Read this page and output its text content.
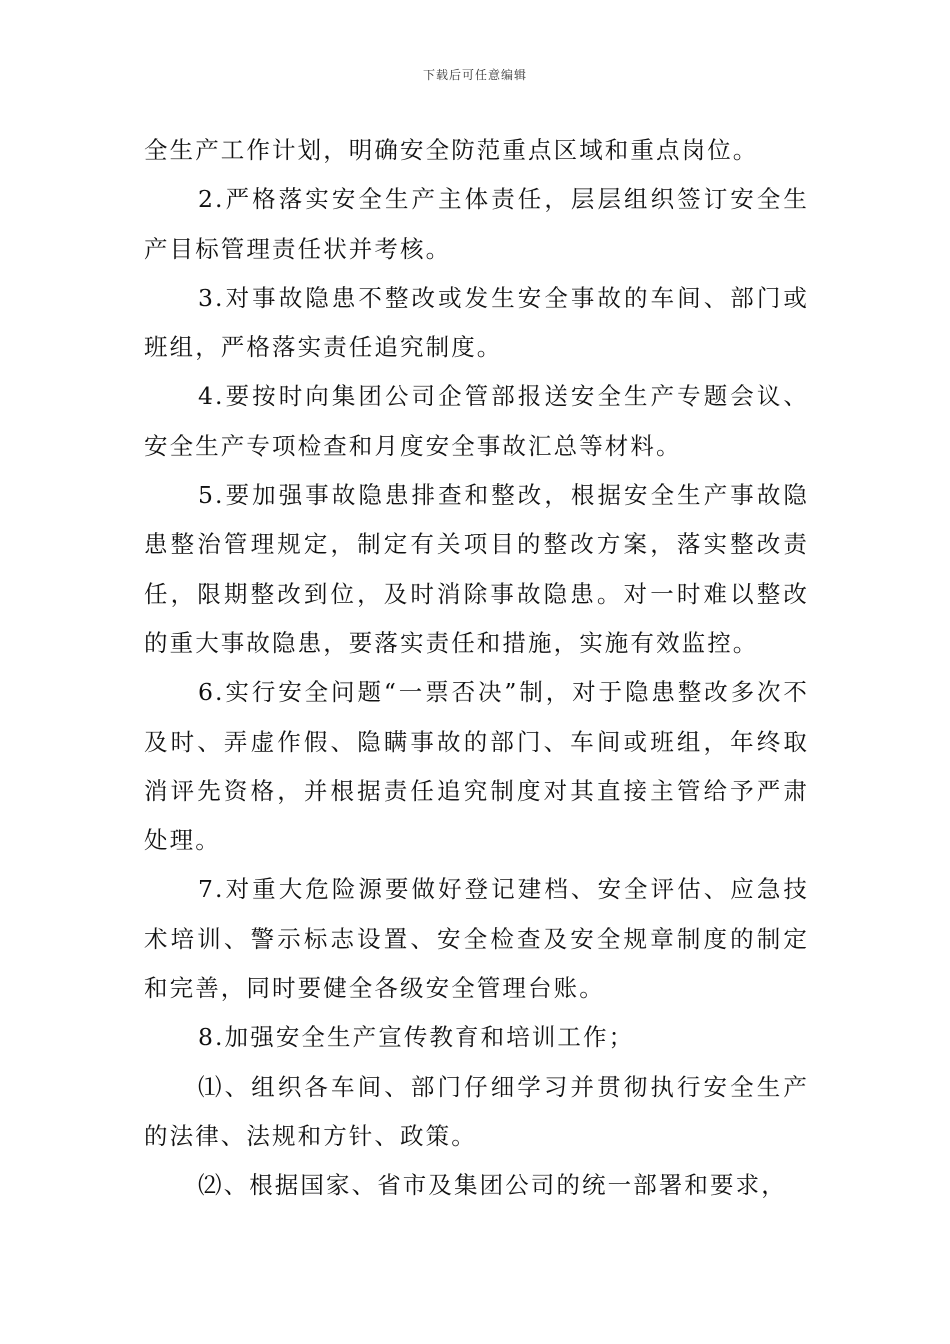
下载后可任意编辑

全生产工作计划，明确安全防范重点区域和重点岗位。

2.严格落实安全生产主体责任，层层组织签订安全生产目标管理责任状并考核。

3.对事故隐患不整改或发生安全事故的车间、部门或班组，严格落实责任追究制度。

4.要按时向集团公司企管部报送安全生产专题会议、安全生产专项检查和月度安全事故汇总等材料。

5.要加强事故隐患排查和整改，根据安全生产事故隐患整治管理规定，制定有关项目的整改方案，落实整改责任，限期整改到位，及时消除事故隐患。对一时难以整改的重大事故隐患，要落实责任和措施，实施有效监控。

6.实行安全问题“一票否决”制，对于隐患整改多次不及时、弄虚作假、隐瞒事故的部门、车间或班组，年终取消评先资格，并根据责任追究制度对其直接主管给予严肃处理。

7.对重大危险源要做好登记建档、安全评估、应急技术培训、警示标志设置、安全检查及安全规章制度的制定和完善，同时要健全各级安全管理台账。

8.加强安全生产宣传教育和培训工作；

⑴、组织各车间、部门仔细学习并贯彻执行安全生产的法律、法规和方针、政策。

⑵、根据国家、省市及集团公司的统一部署和要求，
